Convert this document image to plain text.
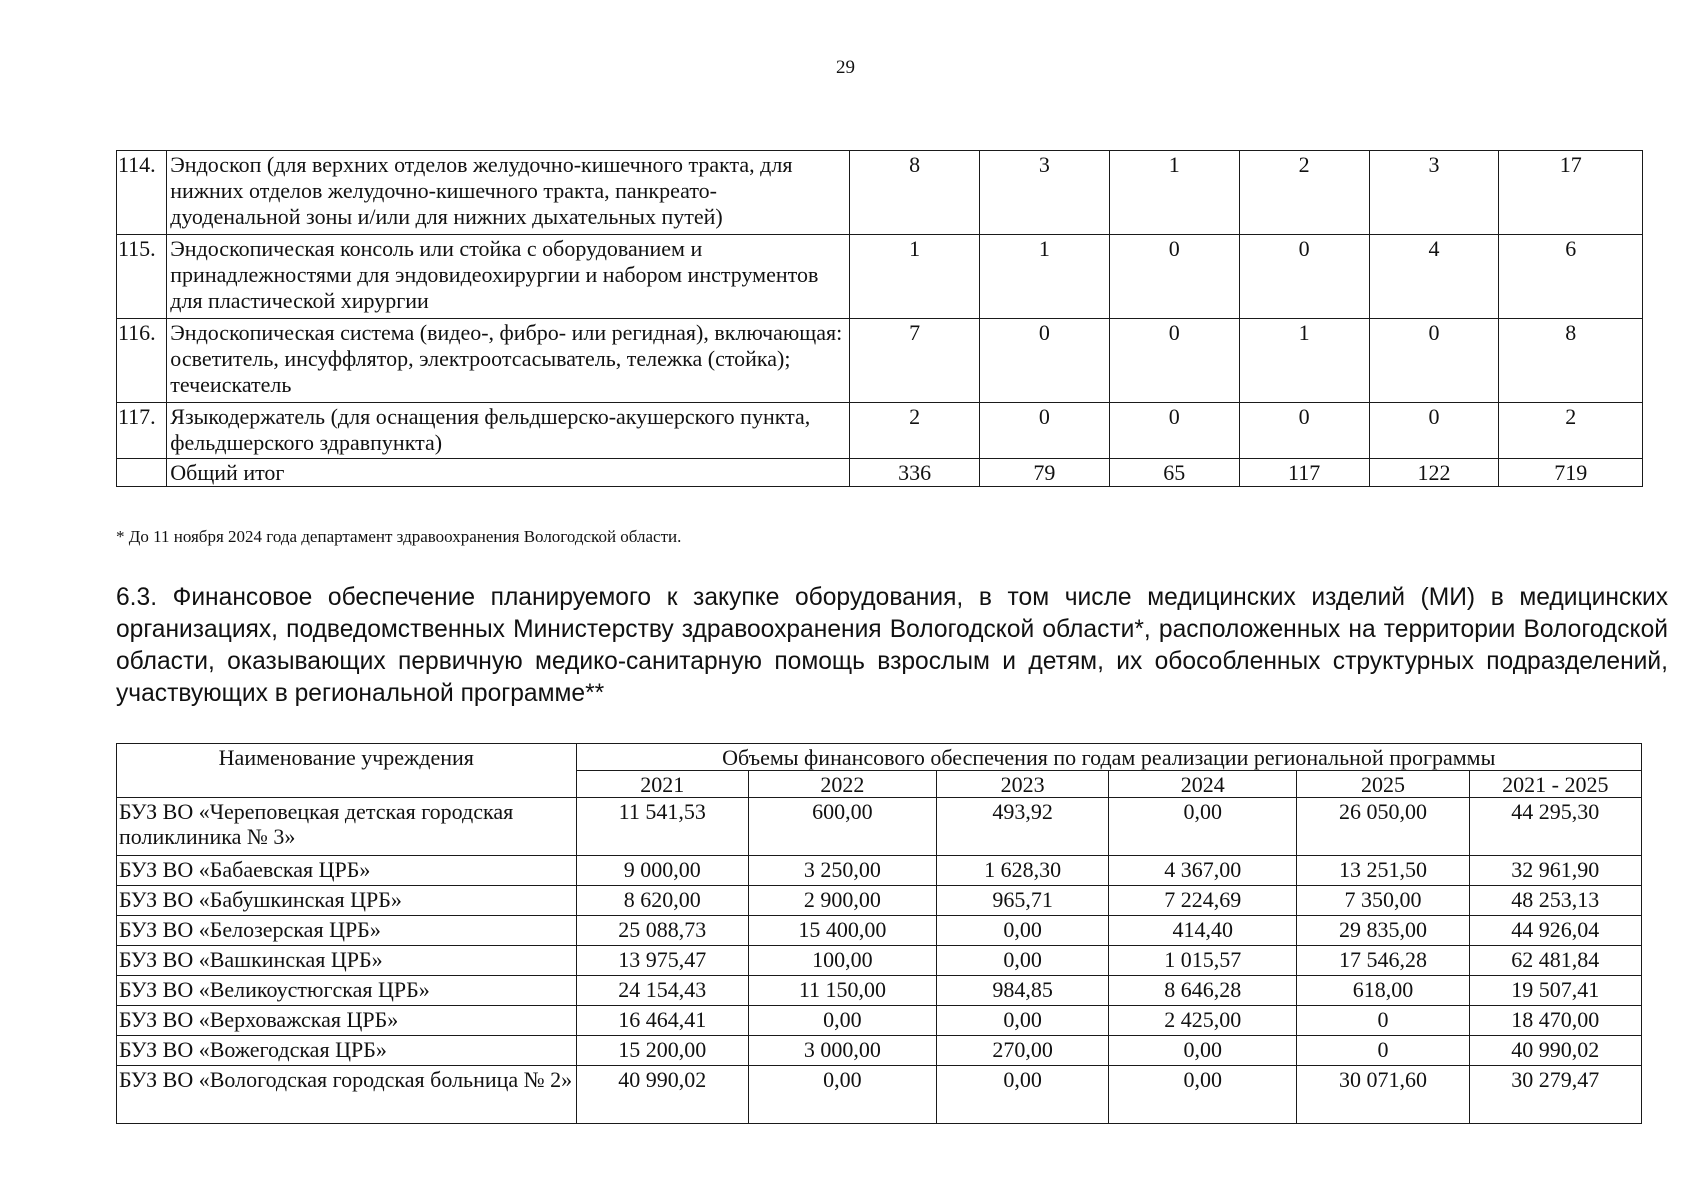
29
114.	Эндоскоп (для верхних отделов желудочно-кишечного тракта, для нижних отделов желудочно-кишечного тракта, панкреато-дуоденальной зоны и/или для нижних дыхательных путей)	8	3	1	2	3	17
115.	Эндоскопическая консоль или стойка с оборудованием и принадлежностями для эндовидеохирургии и набором инструментов для пластической хирургии	1	1	0	0	4	6
116.	Эндоскопическая система (видео-, фибро- или регидная), включающая: осветитель, инсуффлятор, электроотсасыватель, тележка (стойка); течеискатель	7	0	0	1	0	8
117.	Языкодержатель (для оснащения фельдшерско-акушерского пункта, фельдшерского здравпункта)	2	0	0	0	0	2
	Общий итог	336	79	65	117	122	719
* До 11 ноября 2024 года департамент здравоохранения Вологодской области.
6.3. Финансовое обеспечение планируемого к закупке оборудования, в том числе медицинских изделий (МИ) в медицинских организациях, подведомственных Министерству здравоохранения Вологодской области*, расположенных на территории Вологодской области, оказывающих первичную медико-санитарную помощь взрослым и детям, их обособленных структурных подразделений, участвующих в региональной программе**
Наименование учреждения	Объемы финансового обеспечения по годам реализации региональной программы					
	2021	2022	2023	2024	2025	2021 - 2025
БУЗ ВО «Череповецкая детская городская поликлиника № 3»	11 541,53	600,00	493,92	0,00	26 050,00	44 295,30
БУЗ ВО «Бабаевская ЦРБ»	9 000,00	3 250,00	1 628,30	4 367,00	13 251,50	32 961,90
БУЗ ВО «Бабушкинская ЦРБ»	8 620,00	2 900,00	965,71	7 224,69	7 350,00	48 253,13
БУЗ ВО «Белозерская ЦРБ»	25 088,73	15 400,00	0,00	414,40	29 835,00	44 926,04
БУЗ ВО «Вашкинская ЦРБ»	13 975,47	100,00	0,00	1 015,57	17 546,28	62 481,84
БУЗ ВО «Великоустюгская ЦРБ»	24 154,43	11 150,00	984,85	8 646,28	618,00	19 507,41
БУЗ ВО «Верховажская ЦРБ»	16 464,41	0,00	0,00	2 425,00	0	18 470,00
БУЗ ВО «Вожегодская ЦРБ»	15 200,00	3 000,00	270,00	0,00	0	40 990,02
БУЗ ВО «Вологодская городская больница № 2»	40 990,02	0,00	0,00	0,00	30 071,60	30 279,47
